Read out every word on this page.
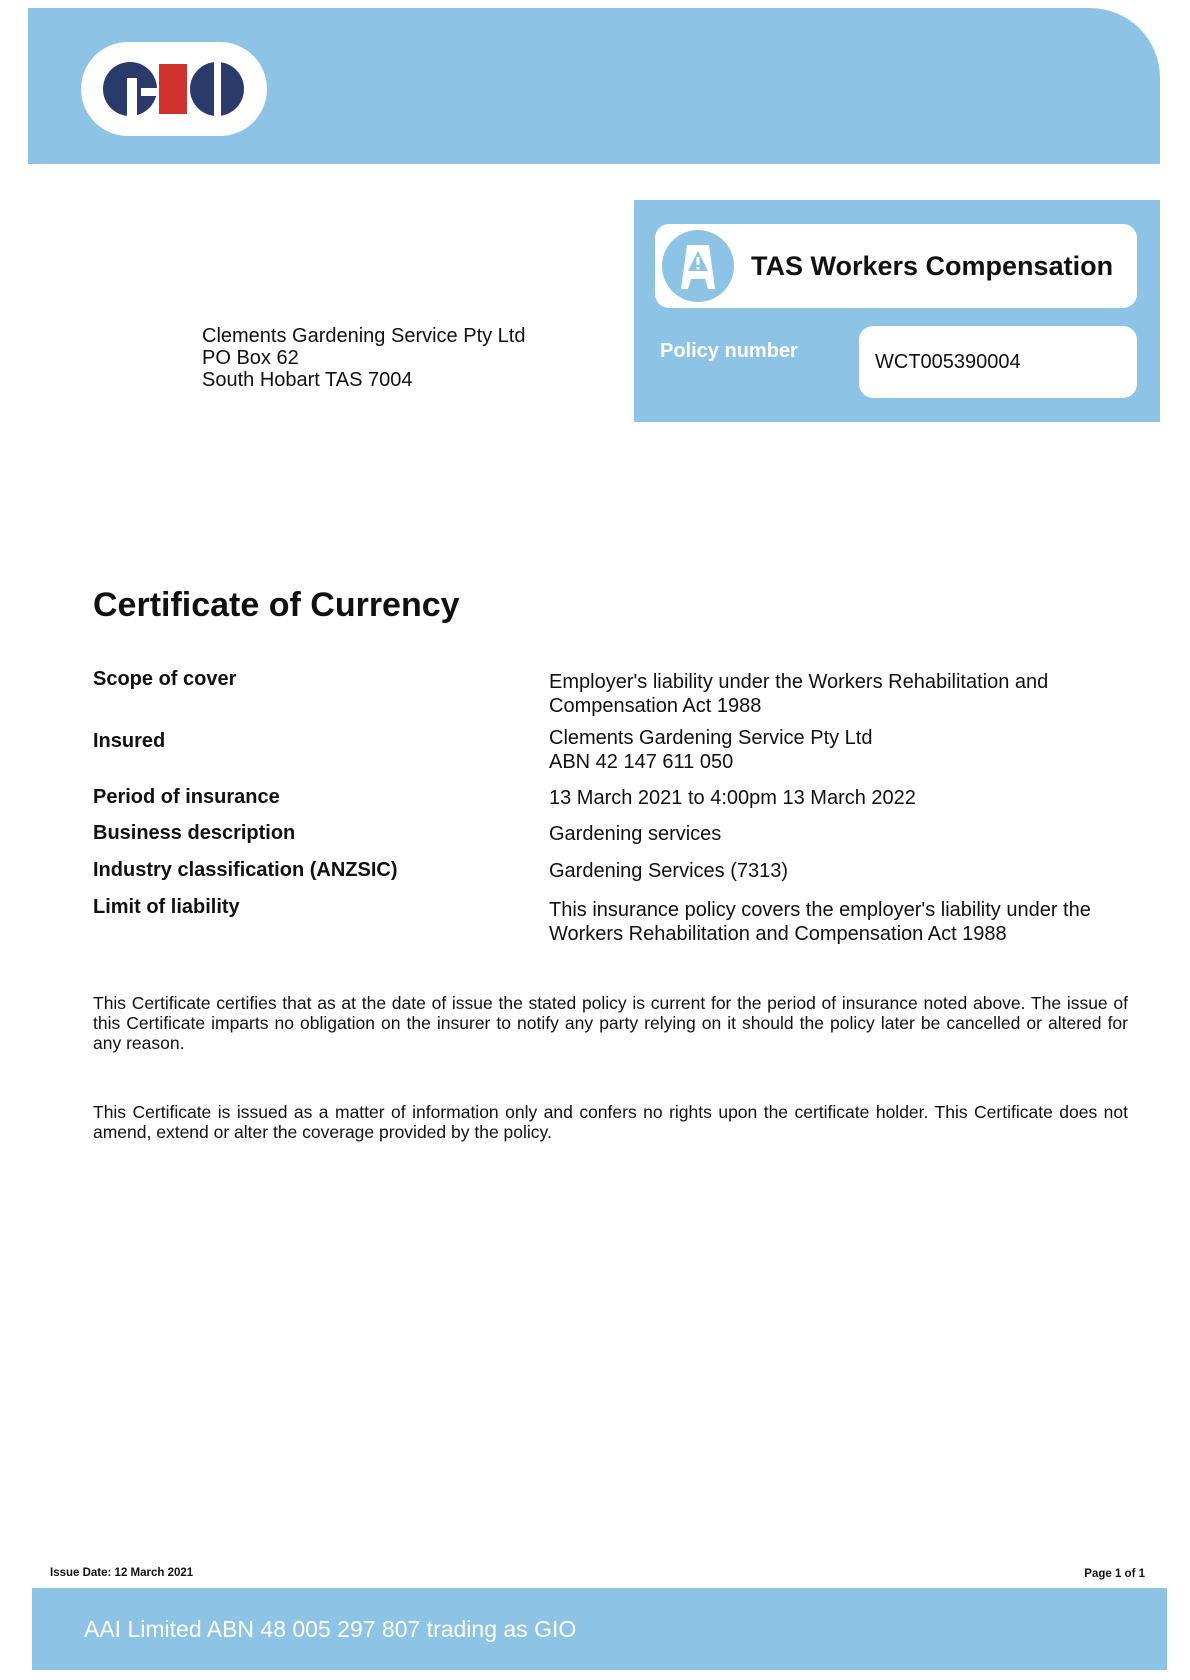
TAS Workers Compensation
Policy number	WCT005390004
Clements Gardening Service Pty Ltd
PO Box 62
South Hobart TAS 7004
Certificate of Currency
Scope of cover	Employer's liability under the Workers Rehabilitation and Compensation Act 1988
Insured	Clements Gardening Service Pty Ltd
ABN 42 147 611 050
Period of insurance	13 March 2021 to 4:00pm 13 March 2022
Business description	Gardening services
Industry classification (ANZSIC)	Gardening Services (7313)
Limit of liability	This insurance policy covers the employer's liability under the Workers Rehabilitation and Compensation Act 1988

This Certificate certifies that as at the date of issue the stated policy is current for the period of insurance noted above. The issue of this Certificate imparts no obligation on the insurer to notify any party relying on it should the policy later be cancelled or altered for any reason.

This Certificate is issued as a matter of information only and confers no rights upon the certificate holder. This Certificate does not amend, extend or alter the coverage provided by the policy.

Issue Date: 12 March 2021	Page 1 of 1
AAI Limited ABN 48 005 297 807 trading as GIO
